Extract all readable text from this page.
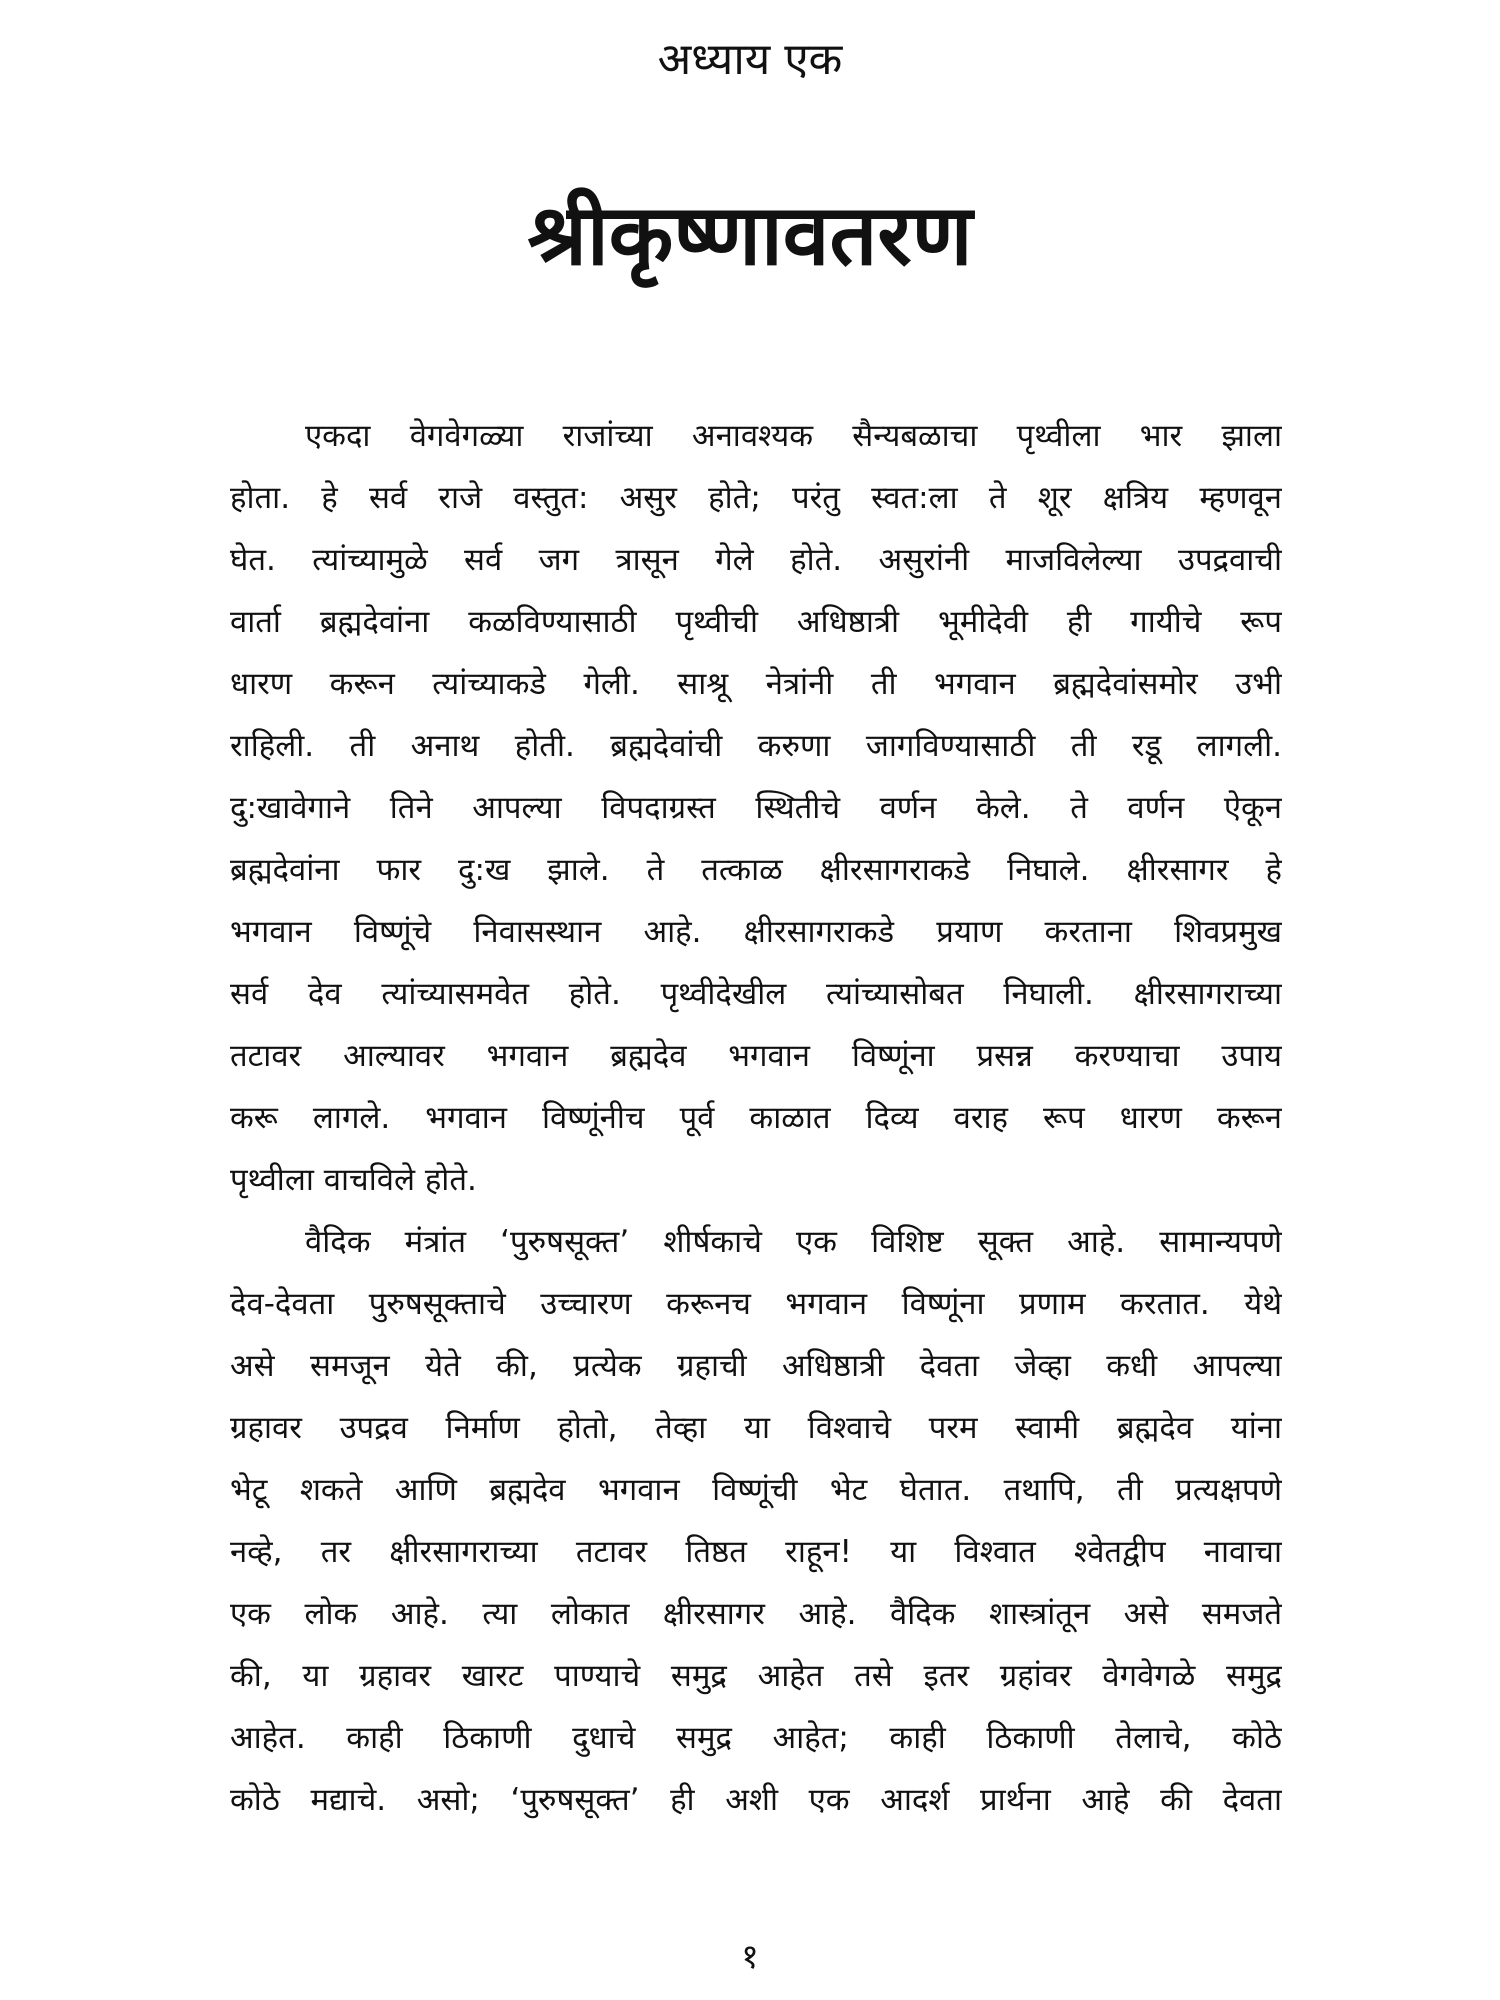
अध्याय एक
श्रीकृष्णावतरण
एकदा वेगवेगळ्या राजांच्या अनावश्यक सैन्यबळाचा पृथ्वीला भार झाला
होता. हे सर्व राजे वस्तुत: असुर होते; परंतु स्वत:ला ते शूर क्षत्रिय म्हणवून
घेत. त्यांच्यामुळे सर्व जग त्रासून गेले होते. असुरांनी माजविलेल्या उपद्रवाची
वार्ता ब्रह्मदेवांना कळविण्यासाठी पृथ्वीची अधिष्ठात्री भूमीदेवी ही गायीचे रूप
धारण करून त्यांच्याकडे गेली. साश्रू नेत्रांनी ती भगवान ब्रह्मदेवांसमोर उभी
राहिली. ती अनाथ होती. ब्रह्मदेवांची करुणा जागविण्यासाठी ती रडू लागली.
दु:खावेगाने तिने आपल्या विपदाग्रस्त स्थितीचे वर्णन केले. ते वर्णन ऐकून
ब्रह्मदेवांना फार दु:ख झाले. ते तत्काळ क्षीरसागराकडे निघाले. क्षीरसागर हे
भगवान विष्णूंचे निवासस्थान आहे. क्षीरसागराकडे प्रयाण करताना शिवप्रमुख
सर्व देव त्यांच्यासमवेत होते. पृथ्वीदेखील त्यांच्यासोबत निघाली. क्षीरसागराच्या
तटावर आल्यावर भगवान ब्रह्मदेव भगवान विष्णूंना प्रसन्न करण्याचा उपाय
करू लागले. भगवान विष्णूंनीच पूर्व काळात दिव्य वराह रूप धारण करून
पृथ्वीला वाचविले होते.
वैदिक मंत्रांत ‘पुरुषसूक्त’ शीर्षकाचे एक विशिष्ट सूक्त आहे. सामान्यपणे
देव-देवता पुरुषसूक्ताचे उच्चारण करूनच भगवान विष्णूंना प्रणाम करतात. येथे
असे समजून येते की, प्रत्येक ग्रहाची अधिष्ठात्री देवता जेव्हा कधी आपल्या
ग्रहावर उपद्रव निर्माण होतो, तेव्हा या विश्वाचे परम स्वामी ब्रह्मदेव यांना
भेटू शकते आणि ब्रह्मदेव भगवान विष्णूंची भेट घेतात. तथापि, ती प्रत्यक्षपणे
नव्हे, तर क्षीरसागराच्या तटावर तिष्ठत राहून! या विश्वात श्वेतद्वीप नावाचा
एक लोक आहे. त्या लोकात क्षीरसागर आहे. वैदिक शास्त्रांतून असे समजते
की, या ग्रहावर खारट पाण्याचे समुद्र आहेत तसे इतर ग्रहांवर वेगवेगळे समुद्र
आहेत. काही ठिकाणी दुधाचे समुद्र आहेत; काही ठिकाणी तेलाचे, कोठे
कोठे मद्याचे. असो; ‘पुरुषसूक्त’ ही अशी एक आदर्श प्रार्थना आहे की देवता
१
